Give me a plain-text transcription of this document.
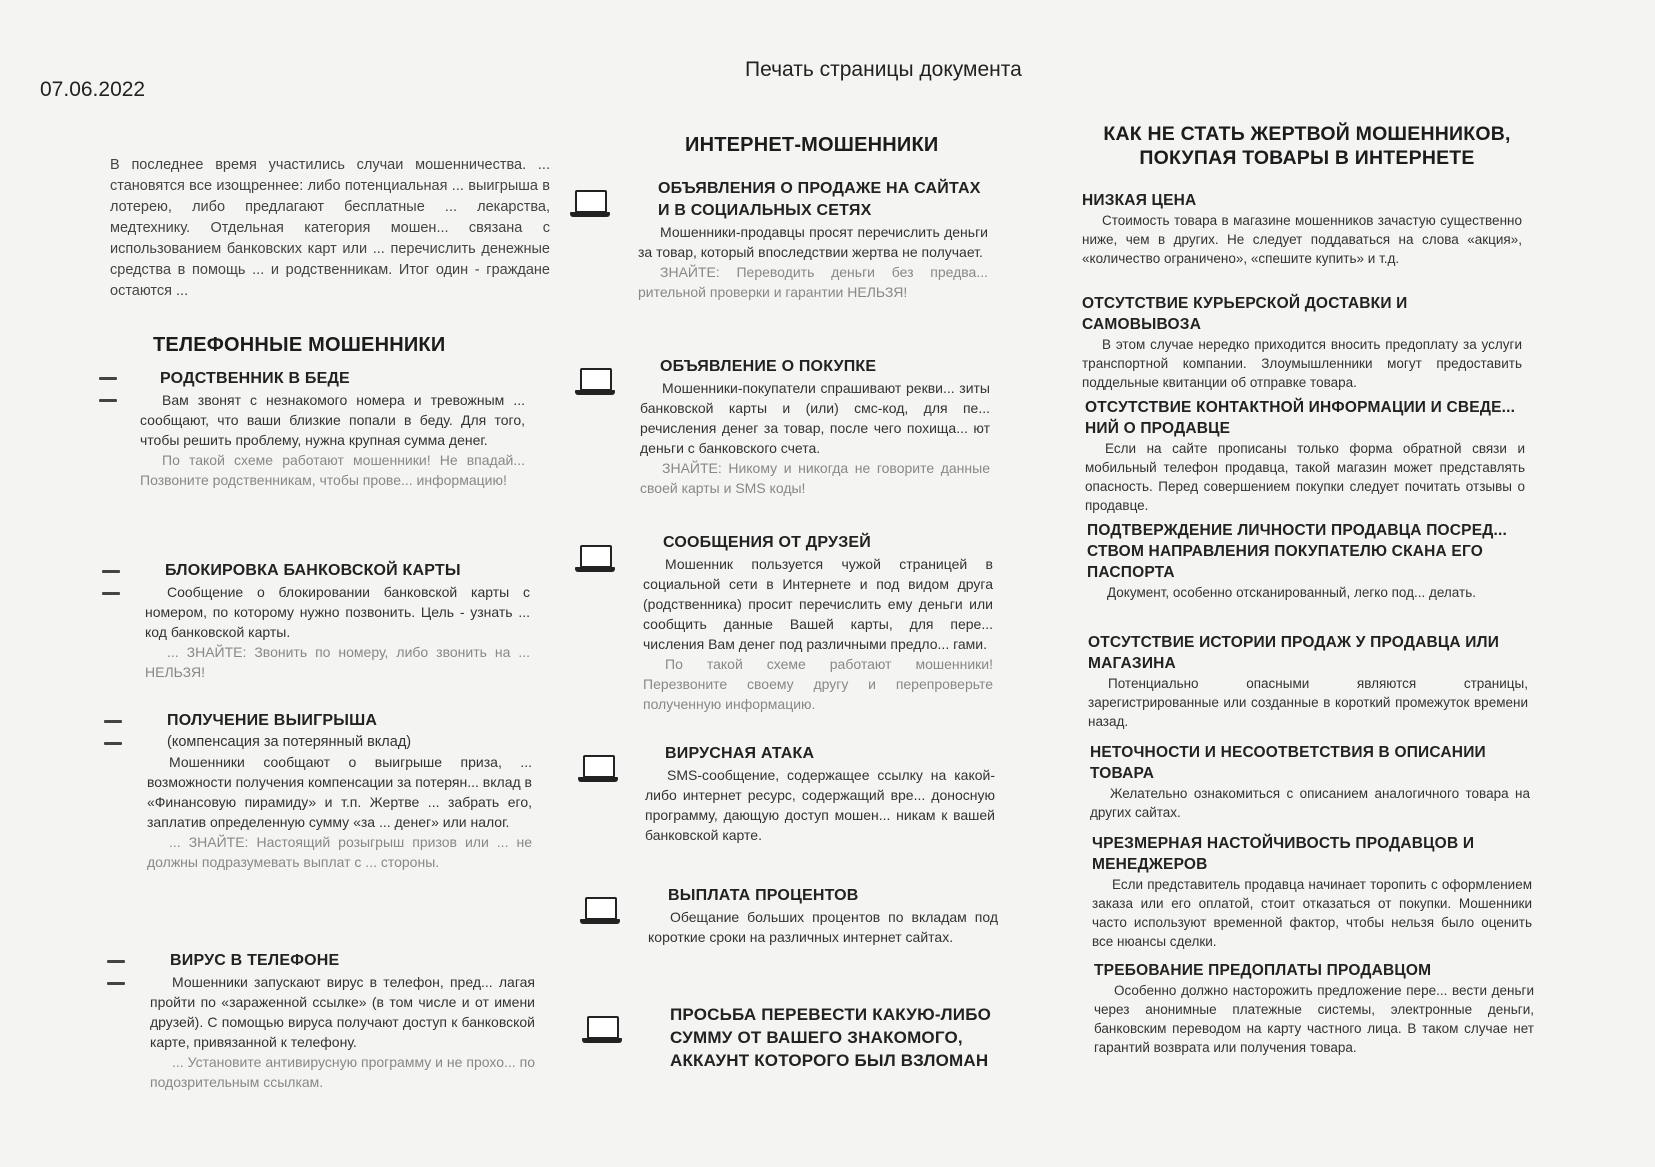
07.06.2022
Печать страницы документа
В последнее время участились случаи мошенничества. ... становятся все изощреннее: либо потенциальная ... выигрыша в лотерею, либо предлагают бесплатные ... лекарства, медтехнику. Отдельная категория мошен... связана с использованием банковских карт или ... перечислить денежные средства в помощь ... и родственникам. Итог один - граждане остаются ...
ТЕЛЕФОННЫЕ МОШЕННИКИ
РОДСТВЕННИК В БЕДЕ
Вам звонят с незнакомого номера и тревожным ... сообщают, что ваши близкие попали в беду. Для того, чтобы решить проблему, нужна крупная сумма денег.
По такой схеме работают мошенники! Не впадай... Позвоните родственникам, чтобы прове... информацию!
БЛОКИРОВКА БАНКОВСКОЙ КАРТЫ
Сообщение о блокировании банковской карты с номером, по которому нужно позвонить. Цель - узнать ... код банковской карты.
... ЗНАЙТЕ: Звонить по номеру, либо звонить на ... НЕЛЬЗЯ!
ПОЛУЧЕНИЕ ВЫИГРЫША
(компенсация за потерянный вклад)
Мошенники сообщают о выигрыше приза, ... возможности получения компенсации за потерян... вклад в «Финансовую пирамиду» и т.п. Жертве ... забрать его, заплатив определенную сумму «за ... денег» или налог.
... ЗНАЙТЕ: Настоящий розыгрыш призов или ... не должны подразумевать выплат с ... стороны.
ВИРУС В ТЕЛЕФОНЕ
Мошенники запускают вирус в телефон, пред... лагая пройти по «зараженной ссылке» (в том числе и от имени друзей). С помощью вируса получают доступ к банковской карте, привязанной к телефону.
... Установите антивирусную программу и не прохо... по подозрительным ссылкам.
ИНТЕРНЕТ-МОШЕННИКИ
ОБЪЯВЛЕНИЯ О ПРОДАЖЕ НА САЙТАХ И В СОЦИАЛЬНЫХ СЕТЯХ
Мошенники-продавцы просят перечислить деньги за товар, который впоследствии жертва не получает.
ЗНАЙТЕ: Переводить деньги без предва... рительной проверки и гарантии НЕЛЬЗЯ!
ОБЪЯВЛЕНИЕ О ПОКУПКЕ
Мошенники-покупатели спрашивают рекви... зиты банковской карты и (или) смс-код, для пе... речисления денег за товар, после чего похища... ют деньги с банковского счета.
ЗНАЙТЕ: Никому и никогда не говорите данные своей карты и SMS коды!
СООБЩЕНИЯ ОТ ДРУЗЕЙ
Мошенник пользуется чужой страницей в социальной сети в Интернете и под видом друга (родственника) просит перечислить ему деньги или сообщить данные Вашей карты, для пере... числения Вам денег под различными предло... гами.
По такой схеме работают мошенники! Перезвоните своему другу и перепроверьте полученную информацию.
ВИРУСНАЯ АТАКА
SMS-сообщение, содержащее ссылку на какой-либо интернет ресурс, содержащий вре... доносную программу, дающую доступ мошен... никам к вашей банковской карте.
ВЫПЛАТА ПРОЦЕНТОВ
Обещание больших процентов по вкладам под короткие сроки на различных интернет сайтах.
ПРОСЬБА ПЕРЕВЕСТИ КАКУЮ-ЛИБО СУММУ ОТ ВАШЕГО ЗНАКОМОГО, АККАУНТ КОТОРОГО БЫЛ ВЗЛОМАН
КАК НЕ СТАТЬ ЖЕРТВОЙ МОШЕННИКОВ, ПОКУПАЯ ТОВАРЫ В ИНТЕРНЕТЕ
НИЗКАЯ ЦЕНА
Стоимость товара в магазине мошенников зачастую существенно ниже, чем в других. Не следует поддаваться на слова «акция», «количество ограничено», «спешите купить» и т.д.
ОТСУТСТВИЕ КУРЬЕРСКОЙ ДОСТАВКИ И САМОВЫВОЗА
В этом случае нередко приходится вносить предоплату за услуги транспортной компании. Злоумышленники могут предоставить поддельные квитанции об отправке товара.
ОТСУТСТВИЕ КОНТАКТНОЙ ИНФОРМАЦИИ И СВЕДЕ... НИЙ О ПРОДАВЦЕ
Если на сайте прописаны только форма обратной связи и мобильный телефон продавца, такой магазин может представлять опасность. Перед совершением покупки следует почитать отзывы о продавце.
ПОДТВЕРЖДЕНИЕ ЛИЧНОСТИ ПРОДАВЦА ПОСРЕД... СТВОМ НАПРАВЛЕНИЯ ПОКУПАТЕЛЮ СКАНА ЕГО ПАСПОРТА
Документ, особенно отсканированный, легко под... делать.
ОТСУТСТВИЕ ИСТОРИИ ПРОДАЖ У ПРОДАВЦА ИЛИ МАГАЗИНА
Потенциально опасными являются страницы, зарегистрированные или созданные в короткий промежуток времени назад.
НЕТОЧНОСТИ И НЕСООТВЕТСТВИЯ В ОПИСАНИИ ТОВАРА
Желательно ознакомиться с описанием аналогичного товара на других сайтах.
ЧРЕЗМЕРНАЯ НАСТОЙЧИВОСТЬ ПРОДАВЦОВ И МЕНЕДЖЕРОВ
Если представитель продавца начинает торопить с оформлением заказа или его оплатой, стоит отказаться от покупки. Мошенники часто используют временной фактор, чтобы нельзя было оценить все нюансы сделки.
ТРЕБОВАНИЕ ПРЕДОПЛАТЫ ПРОДАВЦОМ
Особенно должно насторожить предложение пере... вести деньги через анонимные платежные системы, электронные деньги, банковским переводом на карту частного лица. В таком случае нет гарантий возврата или получения товара.
